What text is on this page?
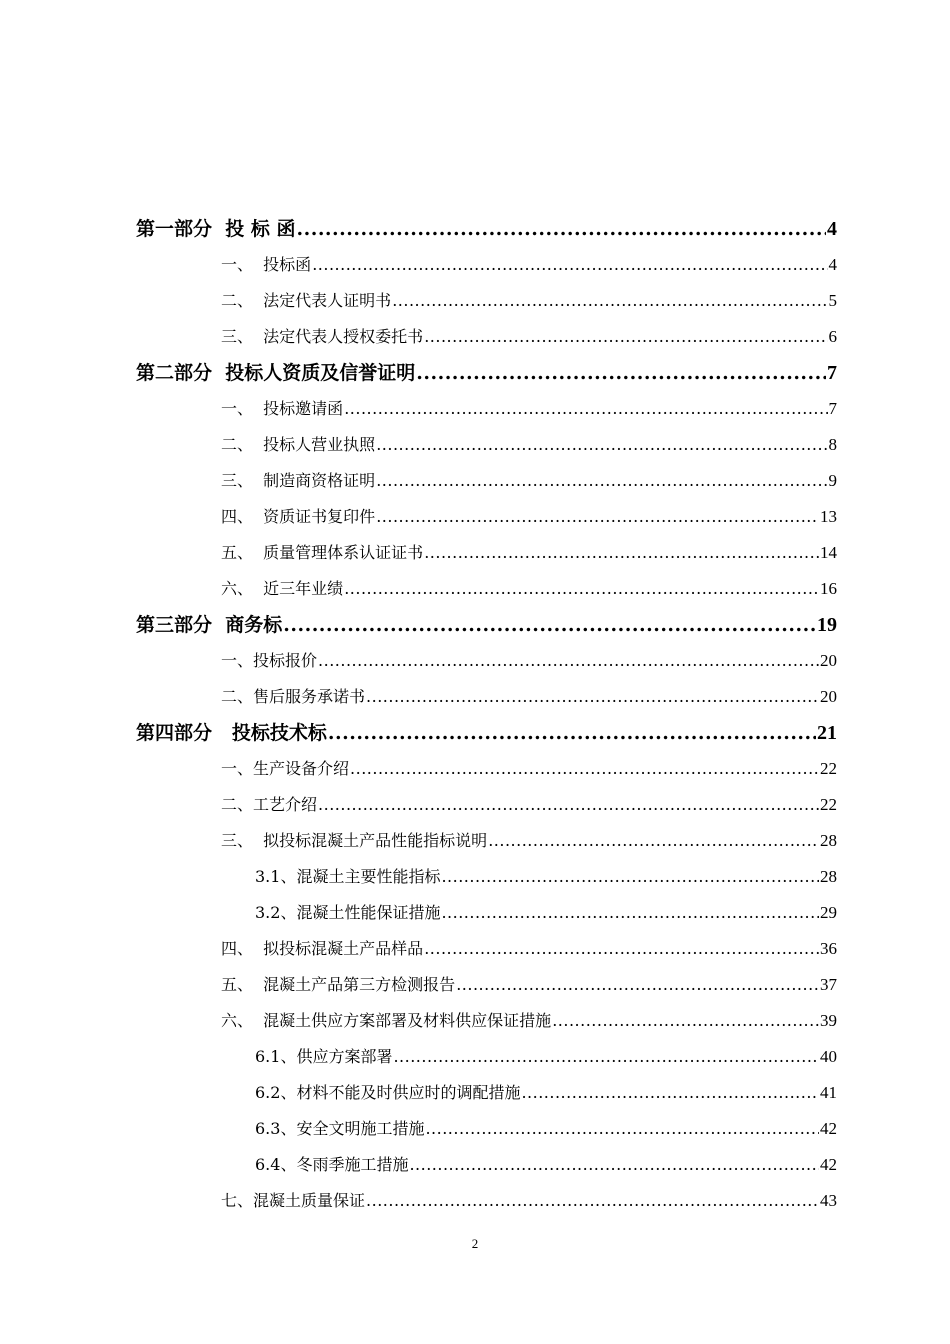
第一部分  投 标 函 .....	4
一、  投标函 .....	4
二、  法定代表人证明书 .....	5
三、  法定代表人授权委托书 .....	6
第二部分  投标人资质及信誉证明 .....	7
一、  投标邀请函 .....	7
二、  投标人营业执照 .....	8
三、  制造商资格证明 .....	9
四、  资质证书复印件 .....	13
五、  质量管理体系认证证书 .....	14
六、  近三年业绩 .....	16
第三部分  商务标 .....	19
一、投标报价 .....	20
二、售后服务承诺书 .....	20
第四部分   投标技术标 .....	21
一、生产设备介绍 .....	22
二、工艺介绍 .....	22
三、  拟投标混凝土产品性能指标说明 .....	28
3.1、混凝土主要性能指标 .....	28
3.2、混凝土性能保证措施 .....	29
四、  拟投标混凝土产品样品 .....	36
五、  混凝土产品第三方检测报告 .....	37
六、  混凝土供应方案部署及材料供应保证措施 .....	39
6.1、供应方案部署 .....	40
6.2、材料不能及时供应时的调配措施 .....	41
6.3、安全文明施工措施 .....	42
6.4、冬雨季施工措施 .....	42
七、混凝土质量保证 .....	43
2
